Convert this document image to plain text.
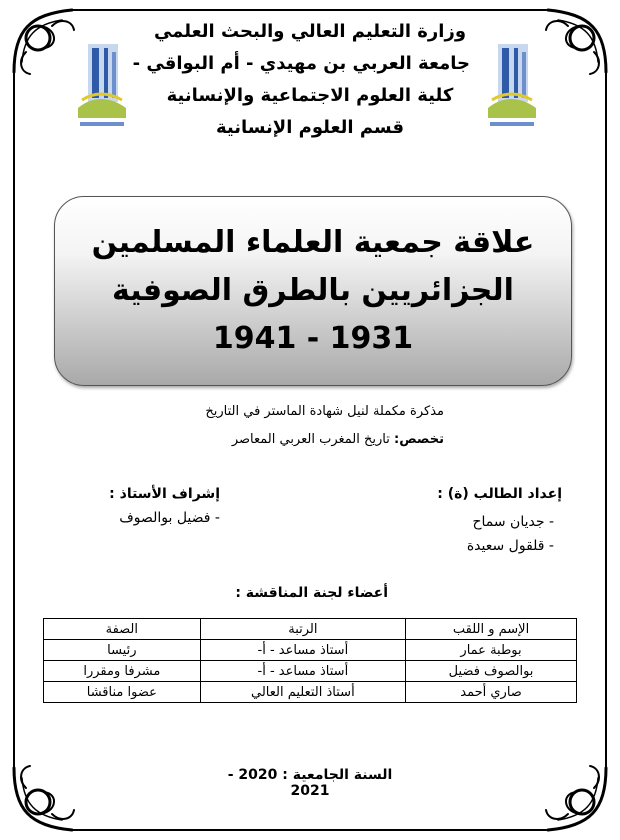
وزارة التعليم العالي والبحث العلمي
جامعة العربي بن مهيدي - أم البواقي -
كلية العلوم الاجتماعية والإنسانية
قسم العلوم الإنسانية
علاقة جمعية العلماء المسلمين الجزائريين بالطرق الصوفية 1931 - 1941
مذكرة مكملة لنيل شهادة الماستر في التاريخ
تخصص: تاريخ المغرب العربي المعاصر
إعداد الطالب (ة) :
- جديان سماح
- قلقول سعيدة
إشراف الأستاذ :
- فضيل بوالصوف
أعضاء لجنة المناقشة :
الإسم و اللقب	الرتبة	الصفة
بوطبة عمار	أستاذ مساعد - أ-	رئيسا
بوالصوف فضيل	أستاذ مساعد - أ-	مشرفا ومقررا
صاري أحمد	أستاذ التعليم العالي	عضوا مناقشا
السنة الجامعية : 2020 - 2021
